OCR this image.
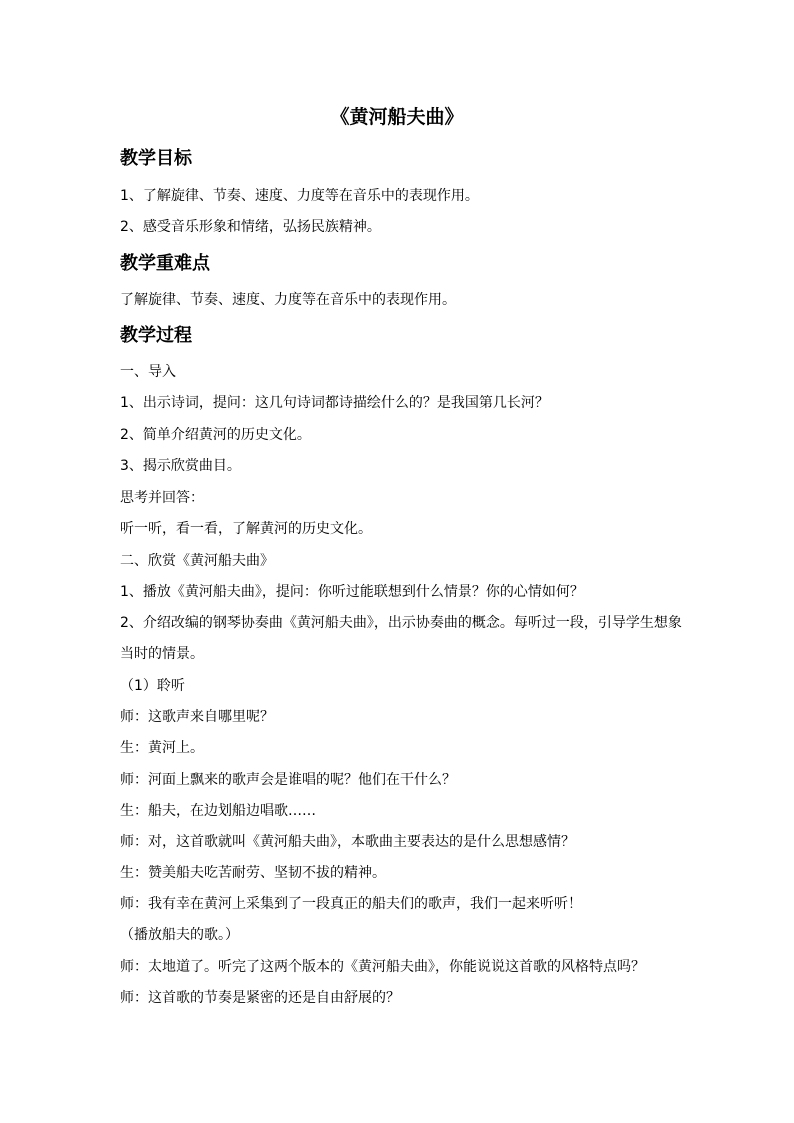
《黄河船夫曲》
教学目标
1、了解旋律、节奏、速度、力度等在音乐中的表现作用。
2、感受音乐形象和情绪，弘扬民族精神。
教学重难点
了解旋律、节奏、速度、力度等在音乐中的表现作用。
教学过程
一、导入
1、出示诗词，提问：这几句诗词都诗描绘什么的？是我国第几长河？
2、简单介绍黄河的历史文化。
3、揭示欣赏曲目。
思考并回答：
听一听，看一看，了解黄河的历史文化。
二、欣赏《黄河船夫曲》
1、播放《黄河船夫曲》，提问：你听过能联想到什么情景？你的心情如何？
2、介绍改编的钢琴协奏曲《黄河船夫曲》，出示协奏曲的概念。每听过一段，引导学生想象
当时的情景。
（1）聆听
师：这歌声来自哪里呢？
生：黄河上。
师：河面上飘来的歌声会是谁唱的呢？他们在干什么？
生：船夫，在边划船边唱歌……
师：对，这首歌就叫《黄河船夫曲》，本歌曲主要表达的是什么思想感情？
生：赞美船夫吃苦耐劳、坚韧不拔的精神。
师：我有幸在黄河上采集到了一段真正的船夫们的歌声，我们一起来听听！
（播放船夫的歌。）
师：太地道了。听完了这两个版本的《黄河船夫曲》，你能说说这首歌的风格特点吗？
师：这首歌的节奏是紧密的还是自由舒展的？
